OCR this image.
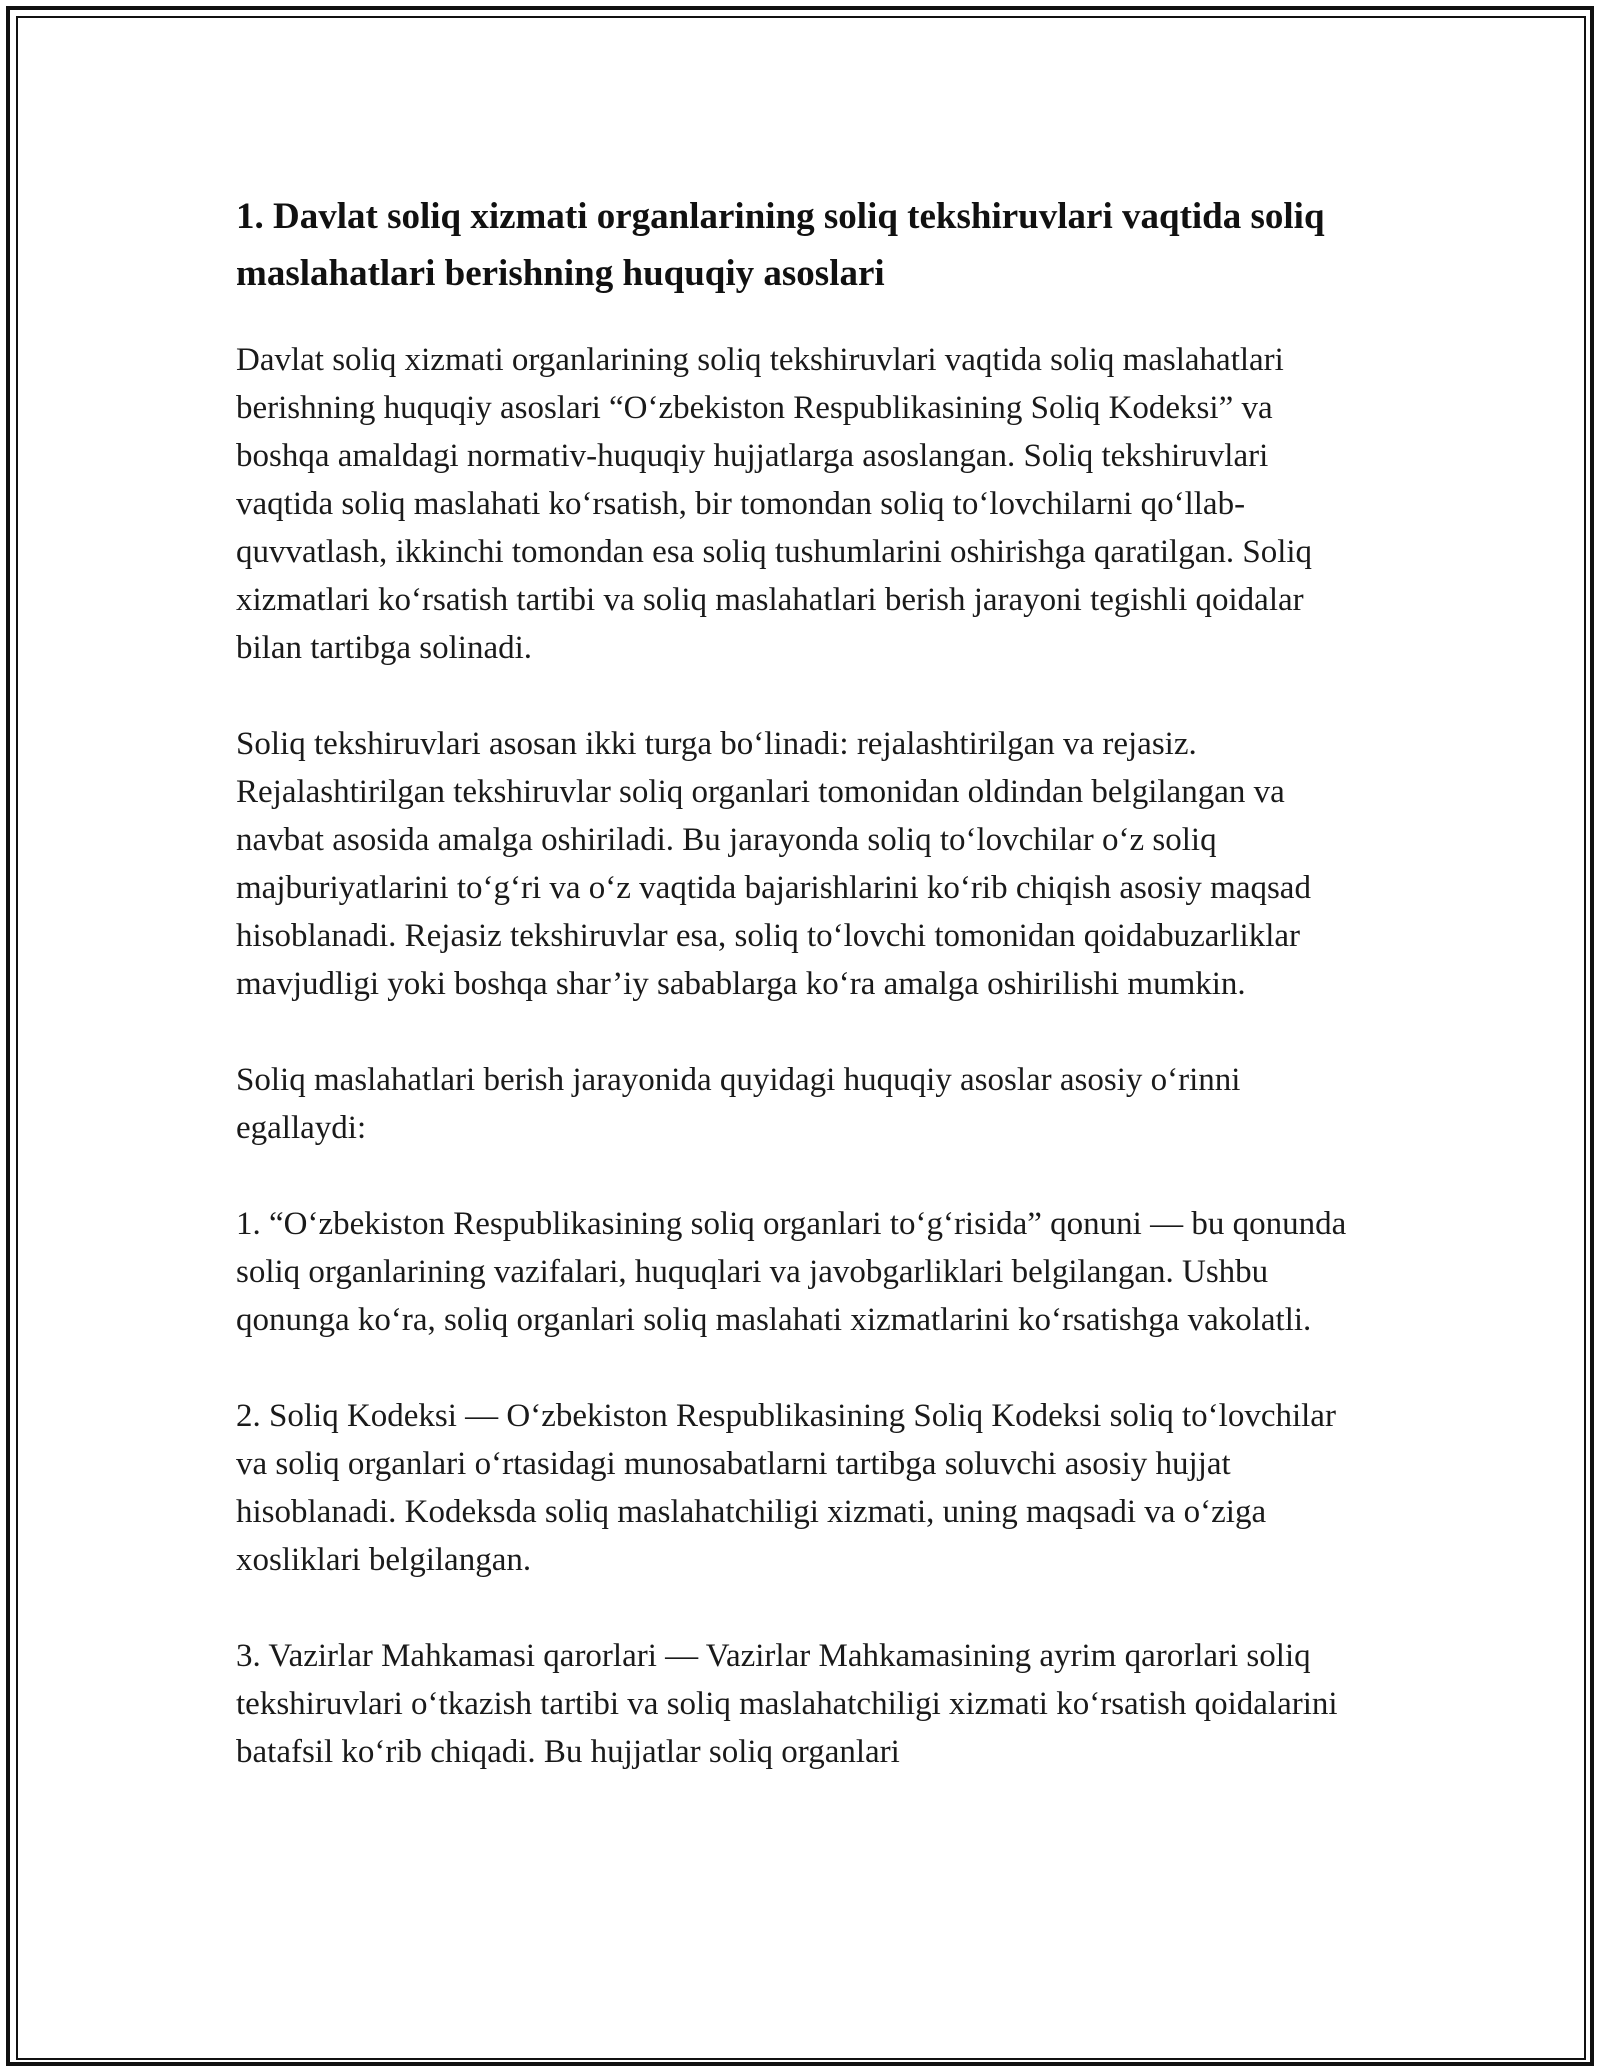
1. Davlat soliq xizmati organlarining soliq tekshiruvlari vaqtida soliq maslahatlari berishning huquqiy asoslari

Davlat soliq xizmati organlarining soliq tekshiruvlari vaqtida soliq maslahatlari berishning huquqiy asoslari “O‘zbekiston Respublikasining Soliq Kodeksi” va boshqa amaldagi normativ-huquqiy hujjatlarga asoslangan. Soliq tekshiruvlari vaqtida soliq maslahati ko‘rsatish, bir tomondan soliq to‘lovchilarni qo‘llab-quvvatlash, ikkinchi tomondan esa soliq tushumlarini oshirishga qaratilgan. Soliq xizmatlari ko‘rsatish tartibi va soliq maslahatlari berish jarayoni tegishli qoidalar bilan tartibga solinadi.

Soliq tekshiruvlari asosan ikki turga bo‘linadi: rejalashtirilgan va rejasiz. Rejalashtirilgan tekshiruvlar soliq organlari tomonidan oldindan belgilangan va navbat asosida amalga oshiriladi. Bu jarayonda soliq to‘lovchilar o‘z soliq majburiyatlarini to‘g‘ri va o‘z vaqtida bajarishlarini ko‘rib chiqish asosiy maqsad hisoblanadi. Rejasiz tekshiruvlar esa, soliq to‘lovchi tomonidan qoidabuzarliklar mavjudligi yoki boshqa shar’iy sabablarga ko‘ra amalga oshirilishi mumkin.

Soliq maslahatlari berish jarayonida quyidagi huquqiy asoslar asosiy o‘rinni egallaydi:

1. “O‘zbekiston Respublikasining soliq organlari to‘g‘risida” qonuni — bu qonunda soliq organlarining vazifalari, huquqlari va javobgarliklari belgilangan. Ushbu qonunga ko‘ra, soliq organlari soliq maslahati xizmatlarini ko‘rsatishga vakolatli.

2. Soliq Kodeksi — O‘zbekiston Respublikasining Soliq Kodeksi soliq to‘lovchilar va soliq organlari o‘rtasidagi munosabatlarni tartibga soluvchi asosiy hujjat hisoblanadi. Kodeksda soliq maslahatchiligi xizmati, uning maqsadi va o‘ziga xosliklari belgilangan.

3. Vazirlar Mahkamasi qarorlari — Vazirlar Mahkamasining ayrim qarorlari soliq tekshiruvlari o‘tkazish tartibi va soliq maslahatchiligi xizmati ko‘rsatish qoidalarini batafsil ko‘rib chiqadi. Bu hujjatlar soliq organlari
